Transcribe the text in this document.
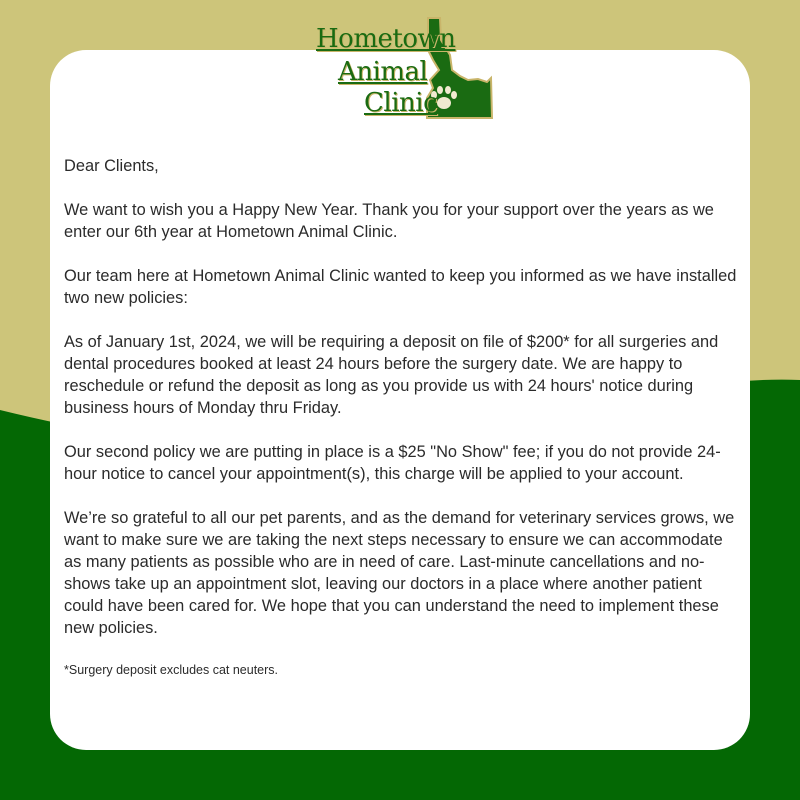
Hometown
Animal
Clinic

Dear Clients,

We want to wish you a Happy New Year. Thank you for your support over the years as we enter our 6th year at Hometown Animal Clinic.

Our team here at Hometown Animal Clinic wanted to keep you informed as we have installed two new policies:

As of January 1st, 2024, we will be requiring a deposit on file of $200* for all surgeries and dental procedures booked at least 24 hours before the surgery date. We are happy to reschedule or refund the deposit as long as you provide us with 24 hours' notice during business hours of Monday thru Friday.

Our second policy we are putting in place is a $25 "No Show" fee; if you do not provide 24-hour notice to cancel your appointment(s), this charge will be applied to your account.

We’re so grateful to all our pet parents, and as the demand for veterinary services grows, we want to make sure we are taking the next steps necessary to ensure we can accommodate as many patients as possible who are in need of care. Last-minute cancellations and no-shows take up an appointment slot, leaving our doctors in a place where another patient could have been cared for. We hope that you can understand the need to implement these new policies.

*Surgery deposit excludes cat neuters.
